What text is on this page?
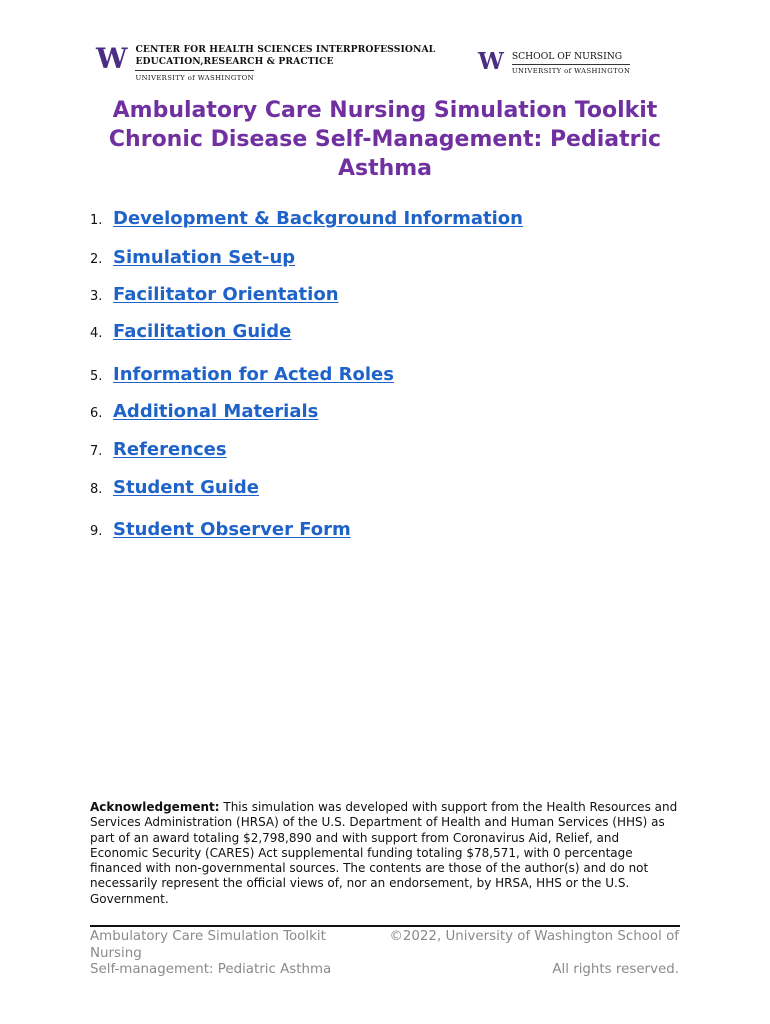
W CENTER FOR HEALTH SCIENCES INTERPROFESSIONAL
EDUCATION,RESEARCH & PRACTICE
UNIVERSITY of WASHINGTON
W SCHOOL OF NURSING
UNIVERSITY of WASHINGTON
Ambulatory Care Nursing Simulation Toolkit
Chronic Disease Self-Management: Pediatric
Asthma
1. Development & Background Information
2. Simulation Set-up
3. Facilitator Orientation
4. Facilitation Guide
5. Information for Acted Roles
6. Additional Materials
7. References
8. Student Guide
9. Student Observer Form

Acknowledgement: This simulation was developed with support from the Health Resources and Services Administration (HRSA) of the U.S. Department of Health and Human Services (HHS) as part of an award totaling $2,798,890 and with support from Coronavirus Aid, Relief, and Economic Security (CARES) Act supplemental funding totaling $78,571, with 0 percentage financed with non-governmental sources. The contents are those of the author(s) and do not necessarily represent the official views of, nor an endorsement, by HRSA, HHS or the U.S. Government.

Ambulatory Care Simulation Toolkit
Nursing
Self-management: Pediatric Asthma
©2022, University of Washington School of
All rights reserved.
